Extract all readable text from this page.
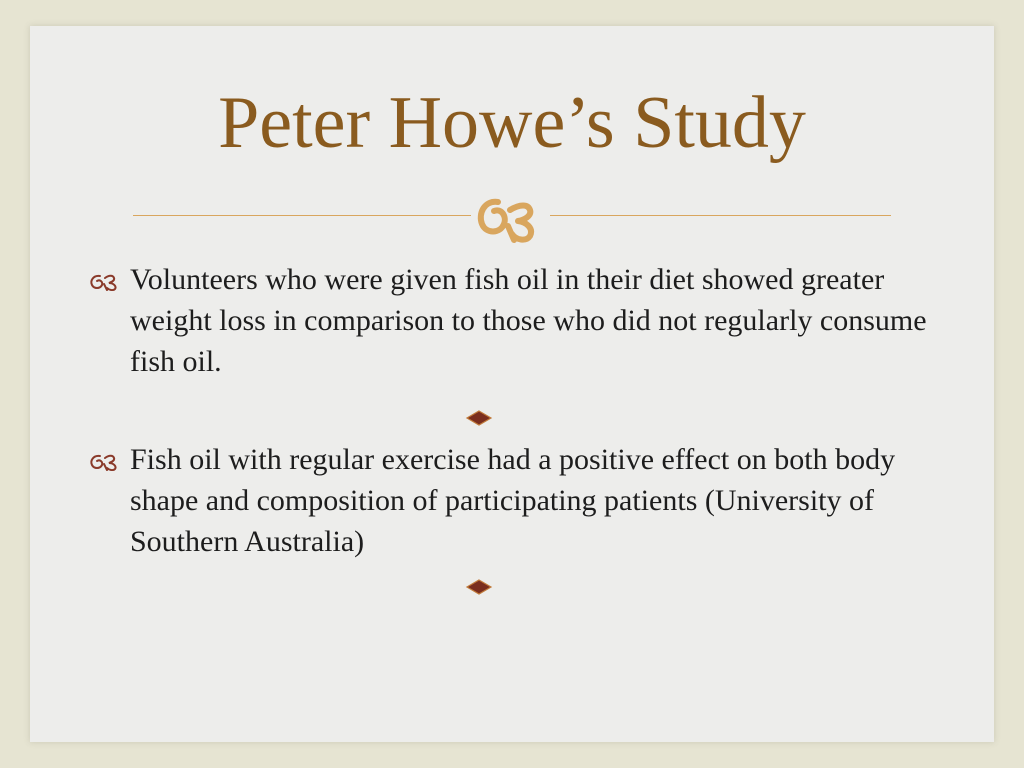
Peter Howe’s Study
Volunteers who were given fish oil in their diet showed greater weight loss in comparison to those who did not regularly consume fish oil.
Fish oil with regular exercise had a positive effect on both body shape and composition of participating patients (University of Southern Australia)
